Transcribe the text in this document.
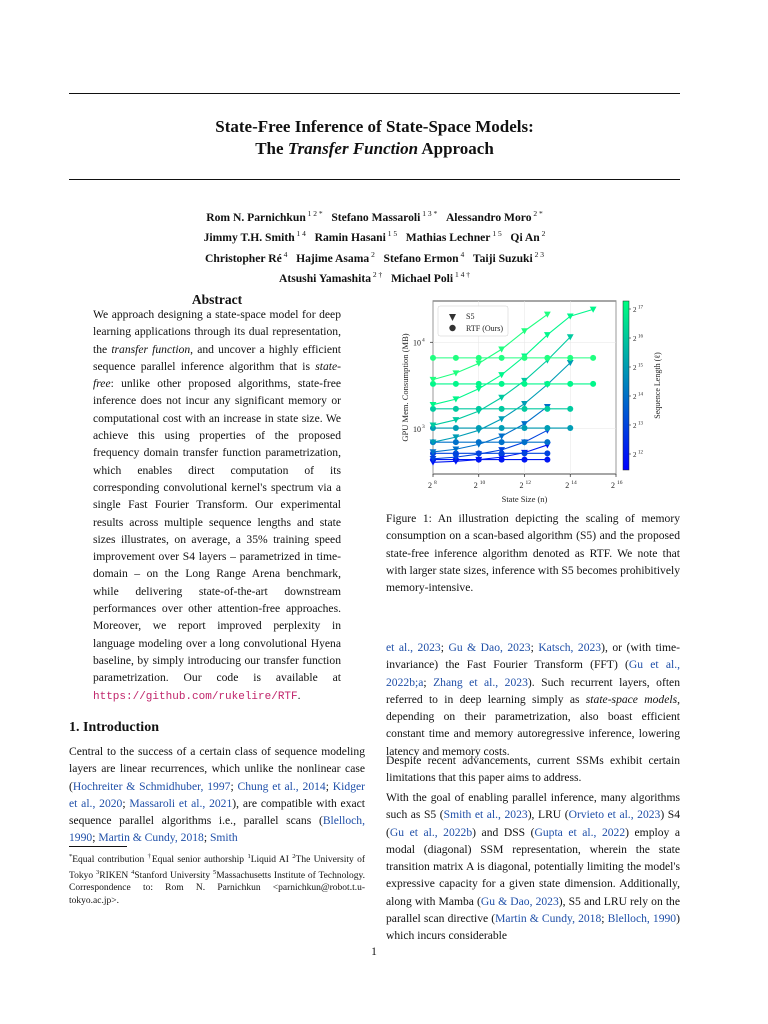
State-Free Inference of State-Space Models:
The Transfer Function Approach
Rom N. Parnichkun $^{1 2 *}$ Stefano Massaroli $^{1 3 *}$ Alessandro Moro $^{2 *}$
Jimmy T.H. Smith $^{1 4}$ Ramin Hasani $^{1 5}$ Mathias Lechner $^{1 5}$ Qi An $^2$
Christopher Ré $^4$ Hajime Asama $^2$ Stefano Ermon $^4$ Taiji Suzuki $^{2 3}$
Atsushi Yamashita $^{2 \dagger}$ Michael Poli $^{1 4 \dagger}$
Abstract
We approach designing a state-space model for deep learning applications through its dual representation, the transfer function, and uncover a highly efficient sequence parallel inference algorithm that is state-free: unlike other proposed algorithms, state-free inference does not incur any significant memory or computational cost with an increase in state size. We achieve this using properties of the proposed frequency domain transfer function parametrization, which enables direct computation of its corresponding convolutional kernel's spectrum via a single Fast Fourier Transform. Our experimental results across multiple sequence lengths and state sizes illustrates, on average, a 35% training speed improvement over S4 layers – parametrized in time-domain – on the Long Range Arena benchmark, while delivering state-of-the-art downstream performances over other attention-free approaches. Moreover, we report improved perplexity in language modeling over a long convolutional Hyena baseline, by simply introducing our transfer function parametrization. Our code is available at https://github.com/rukelire/RTF.
1. Introduction
Central to the success of a certain class of sequence modeling layers are linear recurrences, which unlike the nonlinear case (Hochreiter & Schmidhuber, 1997; Chung et al., 2014; Kidger et al., 2020; Massaroli et al., 2021), are compatible with exact sequence parallel algorithms i.e., parallel scans (Blelloch, 1990; Martin & Cundy, 2018; Smith
*Equal contribution †Equal senior authorship $^1$Liquid AI $^2$The University of Tokyo $^3$RIKEN $^4$Stanford University $^5$Massachusetts Institute of Technology. Correspondence to: Rom N. Parnichkun <parnichkun@robot.t.u-tokyo.ac.jp>.
2 12
2 13
2 14
2 15
2 16
2 17
Sequence Length (ℓ)
2 8	2 10	2 12	2 14	2 16
10 3
10 4
State Size (n)
GPU Mem. Consumption (MB)
S5
RTF (Ours)
Figure 1: An illustration depicting the scaling of memory consumption on a scan-based algorithm (S5) and the proposed state-free inference algorithm denoted as RTF. We note that with larger state sizes, inference with S5 becomes prohibitively memory-intensive.
et al., 2023; Gu & Dao, 2023; Katsch, 2023), or (with time-invariance) the Fast Fourier Transform (FFT) (Gu et al., 2022b;a; Zhang et al., 2023). Such recurrent layers, often referred to in deep learning simply as state-space models, depending on their parametrization, also boast efficient constant time and memory autoregressive inference, lowering latency and memory costs.
Despite recent advancements, current SSMs exhibit certain limitations that this paper aims to address.
With the goal of enabling parallel inference, many algorithms such as S5 (Smith et al., 2023), LRU (Orvieto et al., 2023) S4 (Gu et al., 2022b) and DSS (Gupta et al., 2022) employ a modal (diagonal) SSM representation, wherein the state transition matrix A is diagonal, potentially limiting the model's expressive capacity for a given state dimension. Additionally, along with Mamba (Gu & Dao, 2023), S5 and LRU rely on the parallel scan directive (Martin & Cundy, 2018; Blelloch, 1990) which incurs considerable
1
